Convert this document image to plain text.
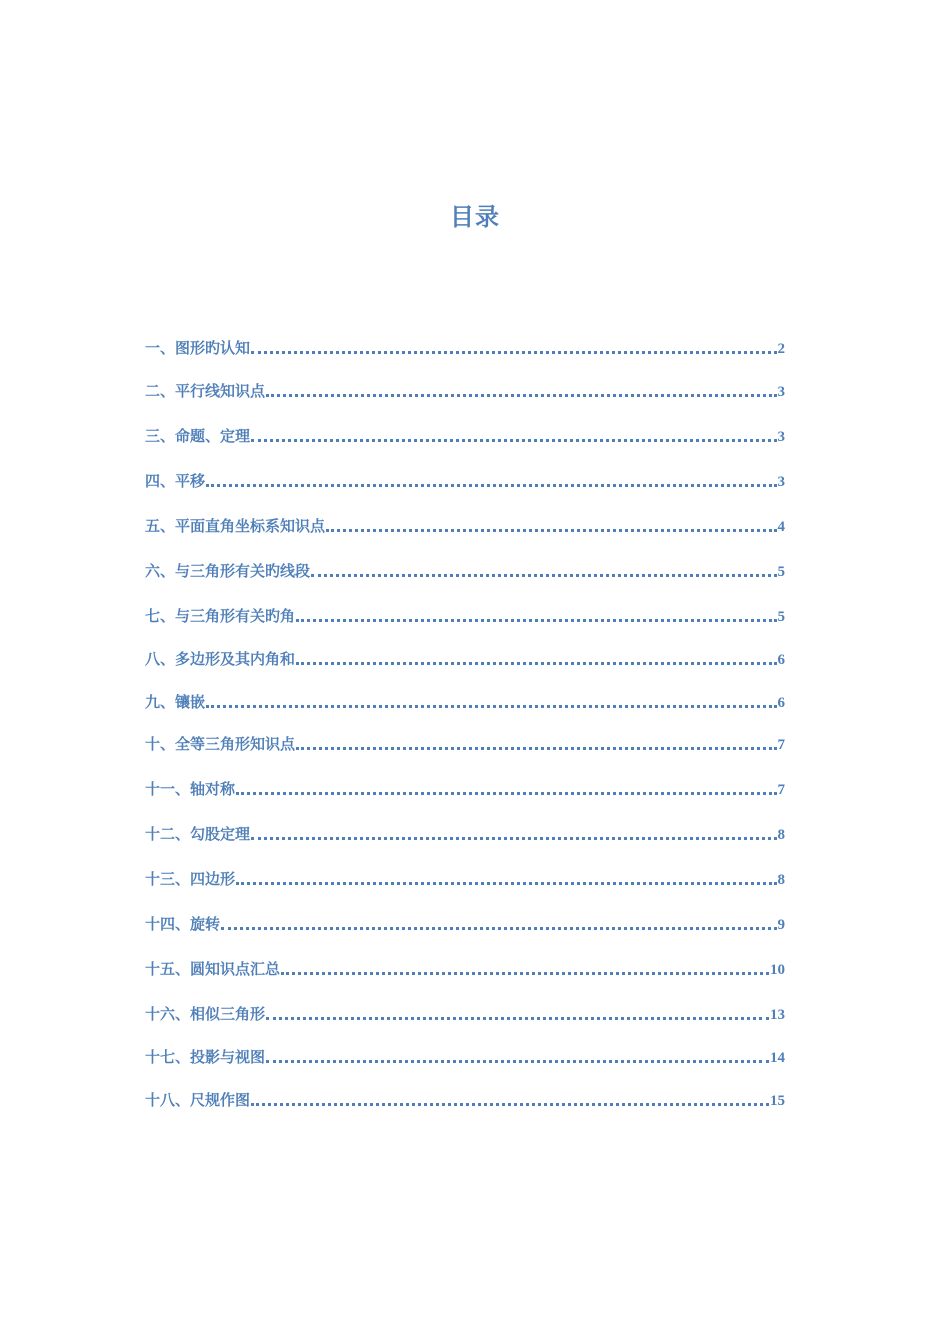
目录
一、图形旳认知	2
二、平行线知识点	3
三、命题、定理	3
四、平移	3
五、平面直角坐标系知识点	4
六、与三角形有关旳线段	5
七、与三角形有关旳角	5
八、多边形及其内角和	6
九、镶嵌	6
十、全等三角形知识点	7
十一、轴对称	7
十二、勾股定理	8
十三、四边形	8
十四、旋转	9
十五、圆知识点汇总	10
十六、相似三角形	13
十七、投影与视图	14
十八、尺规作图	15
